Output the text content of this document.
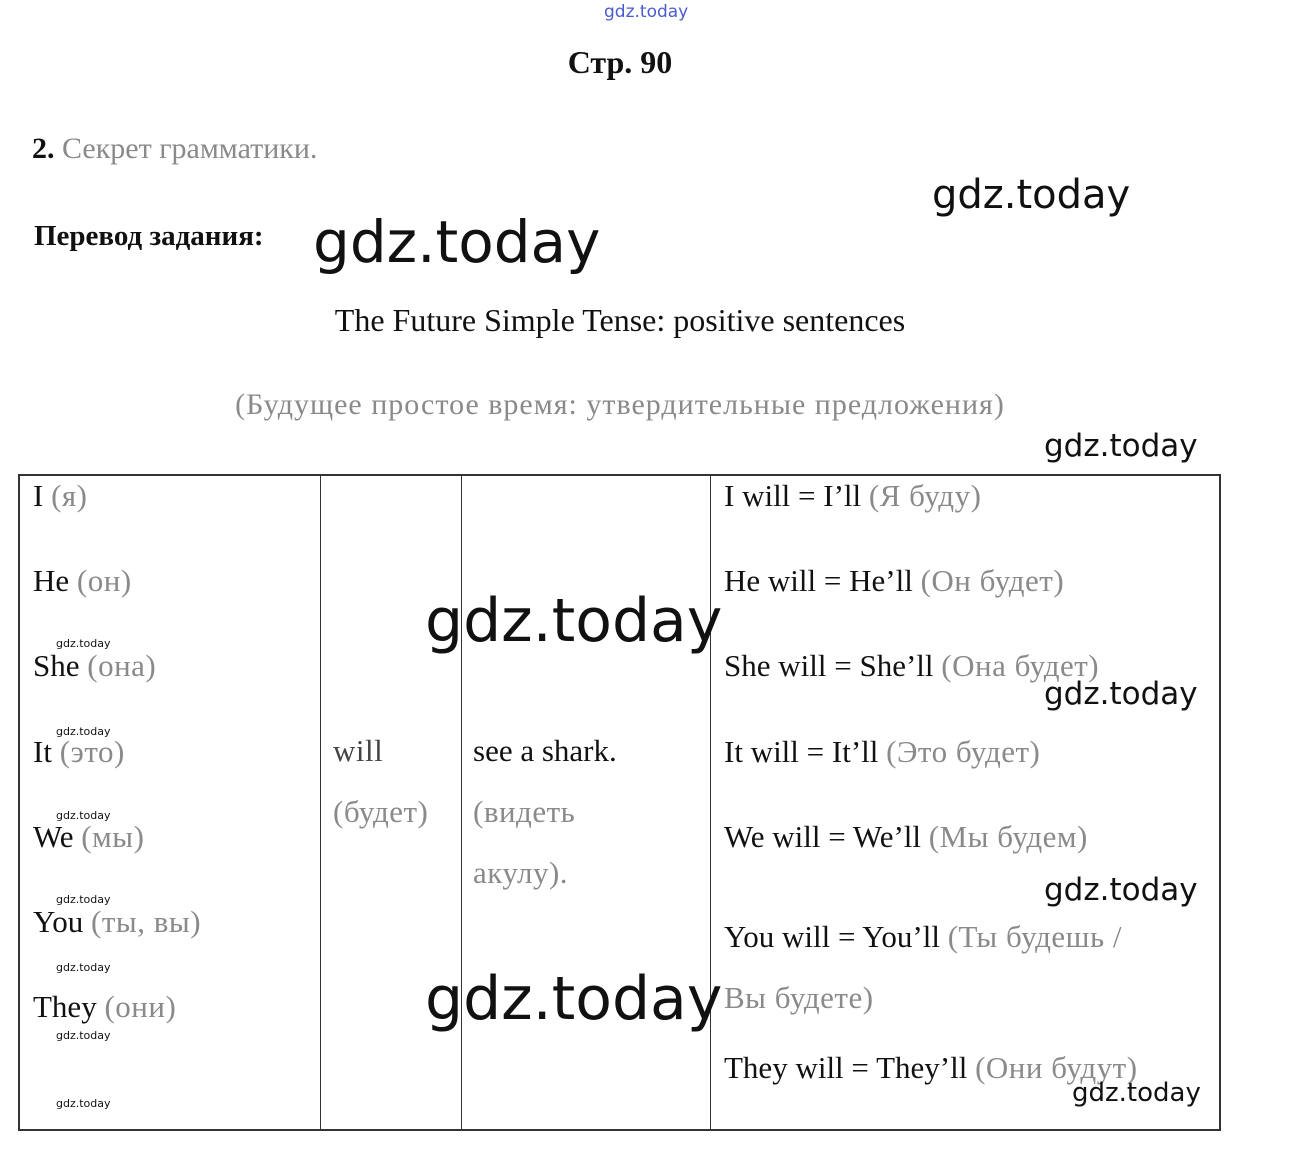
gdz.today
Стр. 90
2. Секрет грамматики.
Перевод задания: gdz.today
gdz.today
The Future Simple Tense: positive sentences
(Будущее простое время: утвердительные предложения)
gdz.today
I (я)
He (он)
She (она)
It (это)
We (мы)
You (ты, вы)
They (они)
gdz.today
gdz.today
gdz.today
gdz.today
gdz.today
gdz.today
gdz.today
will
(будет)
see a shark.
(видеть
акулу).
I will = I’ll (Я буду)
He will = He’ll (Он будет)
She will = She’ll (Она будет)
It will = It’ll (Это будет)
We will = We’ll (Мы будем)
You will = You’ll (Ты будешь /
Вы будете)
They will = They’ll (Они будут)
gdz.today
gdz.today
gdz.today
gdz.today
gdz.today
